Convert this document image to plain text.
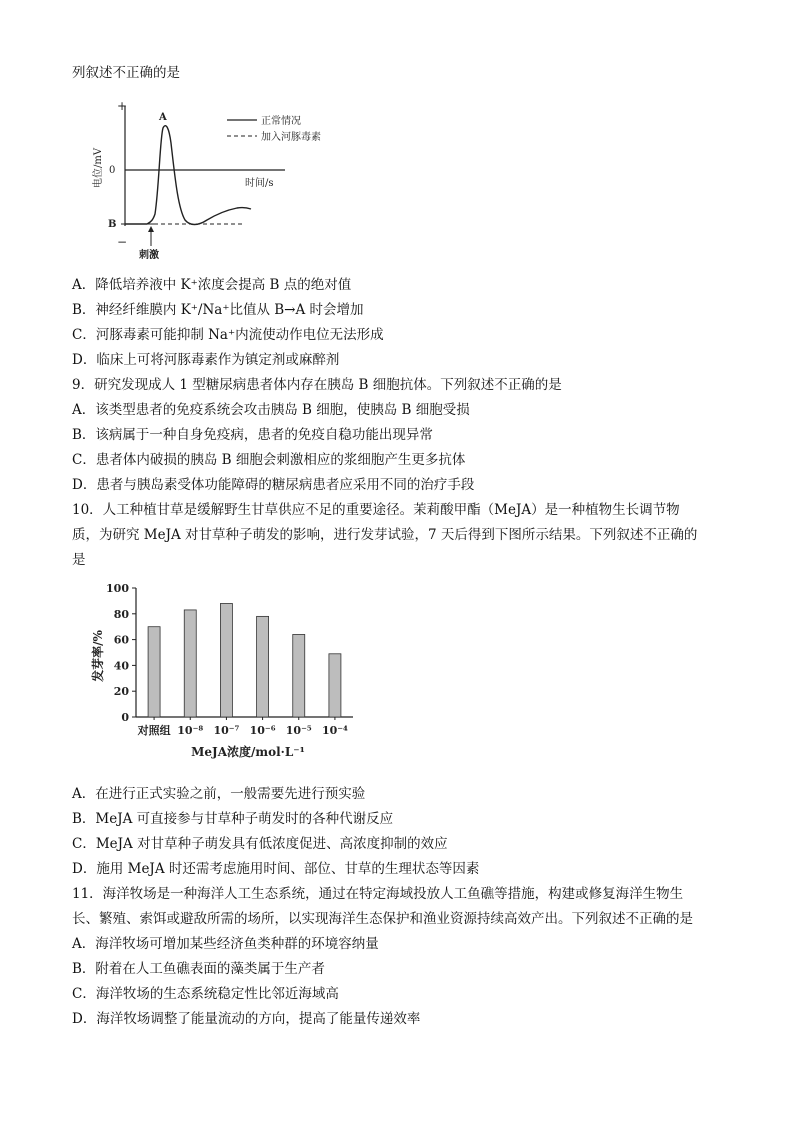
列叙述不正确的是
+
−
0
B
A
时间/s
电位/mV
刺激
正常情况
加入河豚毒素
A．降低培养液中 K⁺浓度会提高 B 点的绝对值
B．神经纤维膜内 K⁺/Na⁺比值从 B→A 时会增加
C．河豚毒素可能抑制 Na⁺内流使动作电位无法形成
D．临床上可将河豚毒素作为镇定剂或麻醉剂
9．研究发现成人 1 型糖尿病患者体内存在胰岛 B 细胞抗体。下列叙述不正确的是
A．该类型患者的免疫系统会攻击胰岛 B 细胞，使胰岛 B 细胞受损
B．该病属于一种自身免疫病，患者的免疫自稳功能出现异常
C．患者体内破损的胰岛 B 细胞会刺激相应的浆细胞产生更多抗体
D．患者与胰岛素受体功能障碍的糖尿病患者应采用不同的治疗手段
10．人工种植甘草是缓解野生甘草供应不足的重要途径。茉莉酸甲酯（MeJA）是一种植物生长调节物
质，为研究 MeJA 对甘草种子萌发的影响，进行发芽试验，7 天后得到下图所示结果。下列叙述不正确的
是
0
20
40
60
80
100
对照组 10⁻⁸ 10⁻⁷ 10⁻⁶ 10⁻⁵ 10⁻⁴
发芽率/%
MeJA浓度/mol·L⁻¹
A．在进行正式实验之前，一般需要先进行预实验
B．MeJA 可直接参与甘草种子萌发时的各种代谢反应
C．MeJA 对甘草种子萌发具有低浓度促进、高浓度抑制的效应
D．施用 MeJA 时还需考虑施用时间、部位、甘草的生理状态等因素
11．海洋牧场是一种海洋人工生态系统，通过在特定海域投放人工鱼礁等措施，构建或修复海洋生物生
长、繁殖、索饵或避敌所需的场所，以实现海洋生态保护和渔业资源持续高效产出。下列叙述不正确的是
A．海洋牧场可增加某些经济鱼类种群的环境容纳量
B．附着在人工鱼礁表面的藻类属于生产者
C．海洋牧场的生态系统稳定性比邻近海域高
D．海洋牧场调整了能量流动的方向，提高了能量传递效率
